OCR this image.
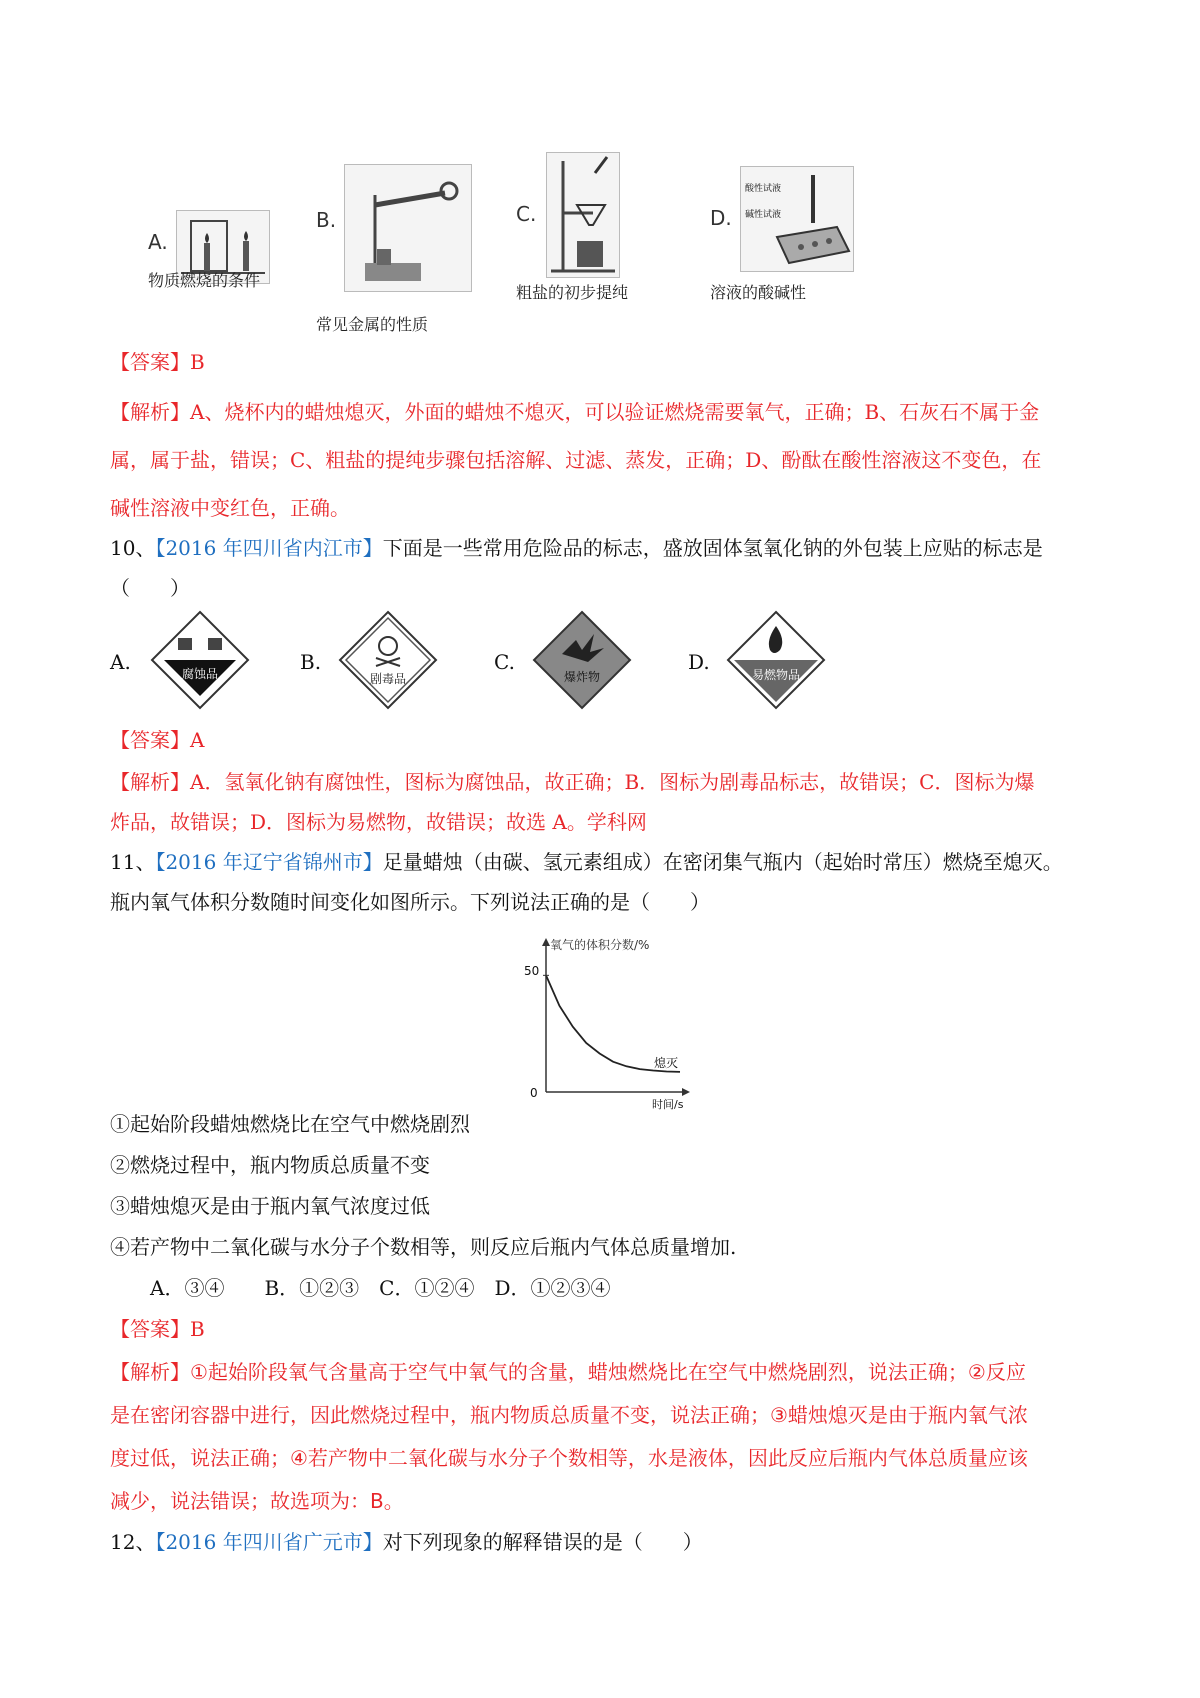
A.
物质燃烧的条件
B.
常见金属的性质
C.
粗盐的初步提纯
D.
酸性试液
碱性试液
溶液的酸碱性
【答案】B
【解析】A、烧杯内的蜡烛熄灭，外面的蜡烛不熄灭，可以验证燃烧需要氧气，正确；B、石灰石不属于金
属，属于盐，错误；C、粗盐的提纯步骤包括溶解、过滤、蒸发，正确；D、酚酞在酸性溶液这不变色，在
碱性溶液中变红色，正确。
10、【2016 年四川省内江市】下面是一些常用危险品的标志，盛放固体氢氧化钠的外包装上应贴的标志是
（　　）
A.	腐蚀品	B.
剧毒品
C.
爆炸物
D.
易燃物品
【答案】A
【解析】A．氢氧化钠有腐蚀性，图标为腐蚀品，故正确；B．图标为剧毒品标志，故错误；C．图标为爆
炸品，故错误；D．图标为易燃物，故错误；故选 A。学科网
11、【2016 年辽宁省锦州市】足量蜡烛（由碳、氢元素组成）在密闭集气瓶内（起始时常压）燃烧至熄灭。
瓶内氧气体积分数随时间变化如图所示。下列说法正确的是（　　）
氧气的体积分数/%
50
0
熄灭
时间/s
①起始阶段蜡烛燃烧比在空气中燃烧剧烈
②燃烧过程中，瓶内物质总质量不变
③蜡烛熄灭是由于瓶内氧气浓度过低
④若产物中二氧化碳与水分子个数相等，则反应后瓶内气体总质量增加.
A．③④　　B．①②③　C．①②④　D．①②③④
【答案】B
【解析】①起始阶段氧气含量高于空气中氧气的含量，蜡烛燃烧比在空气中燃烧剧烈，说法正确；②反应
是在密闭容器中进行，因此燃烧过程中，瓶内物质总质量不变，说法正确；③蜡烛熄灭是由于瓶内氧气浓
度过低，说法正确；④若产物中二氧化碳与水分子个数相等，水是液体，因此反应后瓶内气体总质量应该
减少，说法错误；故选项为：B。
12、【2016 年四川省广元市】对下列现象的解释错误的是（　　）
